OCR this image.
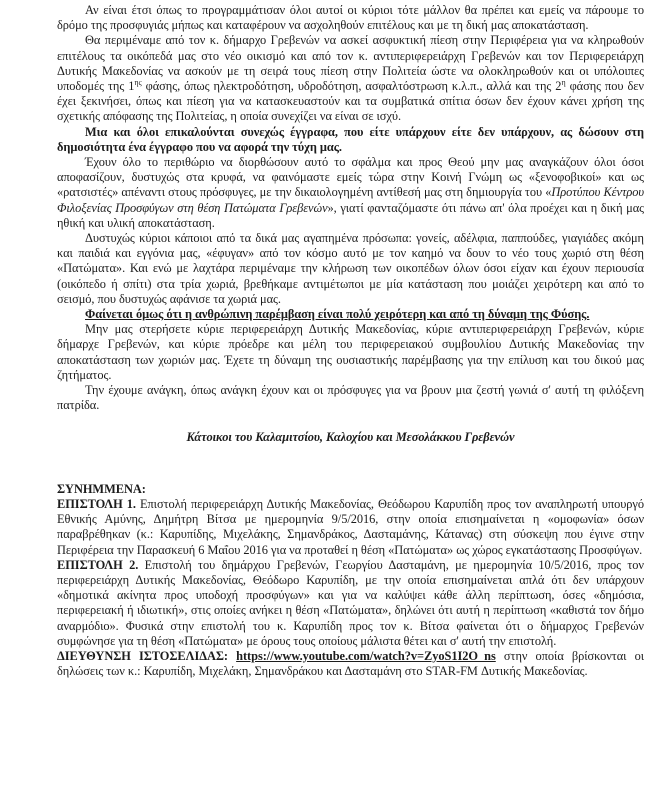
Αν είναι έτσι όπως το προγραμμάτισαν όλοι αυτοί οι κύριοι τότε μάλλον θα πρέπει και εμείς να πάρουμε το δρόμο της προσφυγιάς μήπως και καταφέρουν να ασχοληθούν επιτέλους και με τη δική μας αποκατάσταση.

Θα περιμέναμε από τον κ. δήμαρχο Γρεβενών να ασκεί ασφυκτική πίεση στην Περιφέρεια για να κληρωθούν επιτέλους τα οικόπεδά μας στο νέο οικισμό και από τον κ. αντιπεριφερειάρχη Γρεβενών και τον Περιφερειάρχη Δυτικής Μακεδονίας να ασκούν με τη σειρά τους πίεση στην Πολιτεία ώστε να ολοκληρωθούν και οι υπόλοιπες υποδομές της $1^{\eta\varsigma}$ φάσης, όπως ηλεκτροδότηση, υδροδότηση, ασφαλτόστρωση κ.λ.π., αλλά και της $2^\eta$ φάσης που δεν έχει ξεκινήσει, όπως και πίεση για να κατασκευαστούν και τα συμβατικά σπίτια όσων δεν έχουν κάνει χρήση της σχετικής απόφασης της Πολιτείας, η οποία συνεχίζει να είναι σε ισχύ.

Μια και όλοι επικαλούνται συνεχώς έγγραφα, που είτε υπάρχουν είτε δεν υπάρχουν, ας δώσουν στη δημοσιότητα ένα έγγραφο που να αφορά την τύχη μας.

Έχουν όλο το περιθώριο να διορθώσουν αυτό το σφάλμα και προς Θεού μην μας αναγκάζουν όλοι όσοι αποφασίζουν, δυστυχώς στα κρυφά, να φαινόμαστε εμείς τώρα στην Κοινή Γνώμη ως «ξενοφοβικοί» και ως «ρατσιστές» απέναντι στους πρόσφυγες, με την δικαιολογημένη αντίθεσή μας στη δημιουργία του «Προτύπου Κέντρου Φιλοξενίας Προσφύγων στη θέση Πατώματα Γρεβενών», γιατί φανταζόμαστε ότι πάνω απ' όλα προέχει και η δική μας ηθική και υλική αποκατάσταση.

Δυστυχώς κύριοι κάποιοι από τα δικά μας αγαπημένα πρόσωπα: γονείς, αδέλφια, παππούδες, γιαγιάδες ακόμη και παιδιά και εγγόνια μας, «έφυγαν» από τον κόσμο αυτό με τον καημό να δουν το νέο τους χωριό στη θέση «Πατώματα». Και ενώ με λαχτάρα περιμέναμε την κλήρωση των οικοπέδων όλων όσοι είχαν και έχουν περιουσία (οικόπεδο ή σπίτι) στα τρία χωριά, βρεθήκαμε αντιμέτωποι με μία κατάσταση που μοιάζει χειρότερη και από το σεισμό, που δυστυχώς αφάνισε τα χωριά μας.

Φαίνεται όμως ότι η ανθρώπινη παρέμβαση είναι πολύ χειρότερη και από τη δύναμη της Φύσης.

Μην μας στερήσετε κύριε περιφερειάρχη Δυτικής Μακεδονίας, κύριε αντιπεριφερειάρχη Γρεβενών, κύριε δήμαρχε Γρεβενών, και κύριε πρόεδρε και μέλη του περιφερειακού συμβουλίου Δυτικής Μακεδονίας την αποκατάσταση των χωριών μας. Έχετε τη δύναμη της ουσιαστικής παρέμβασης για την επίλυση και του δικού μας ζητήματος.

Την έχουμε ανάγκη, όπως ανάγκη έχουν και οι πρόσφυγες για να βρουν μια ζεστή γωνιά σ' αυτή τη φιλόξενη πατρίδα.

Κάτοικοι του Καλαμιτσίου, Καλοχίου και Μεσολάκκου Γρεβενών

ΣΥΝΗΜΜΕΝΑ:

ΕΠΙΣΤΟΛΗ 1. Επιστολή περιφερειάρχη Δυτικής Μακεδονίας, Θεόδωρου Καρυπίδη προς τον αναπληρωτή υπουργό Εθνικής Αμύνης, Δημήτρη Βίτσα με ημερομηνία 9/5/2016, στην οποία επισημαίνεται η «ομοφωνία» όσων παραβρέθηκαν (κ.: Καρυπίδης, Μιχελάκης, Σημανδράκος, Δασταμάνης, Κάτανας) στη σύσκεψη που έγινε στην Περιφέρεια την Παρασκευή 6 Μαΐου 2016 για να προταθεί η θέση «Πατώματα» ως χώρος εγκατάστασης Προσφύγων.

ΕΠΙΣΤΟΛΗ 2. Επιστολή του δημάρχου Γρεβενών, Γεωργίου Δασταμάνη, με ημερομηνία 10/5/2016, προς τον περιφερειάρχη Δυτικής Μακεδονίας, Θεόδωρο Καρυπίδη, με την οποία επισημαίνεται απλά ότι δεν υπάρχουν «δημοτικά ακίνητα προς υποδοχή προσφύγων» και για να καλύψει κάθε άλλη περίπτωση, όσες «δημόσια, περιφερειακή ή ιδιωτική», στις οποίες ανήκει η θέση «Πατώματα», δηλώνει ότι αυτή η περίπτωση «καθιστά τον δήμο αναρμόδιο». Φυσικά στην επιστολή του κ. Καρυπίδη προς τον κ. Βίτσα φαίνεται ότι ο δήμαρχος Γρεβενών συμφώνησε για τη θέση «Πατώματα» με όρους τους οποίους μάλιστα θέτει και σ' αυτή την επιστολή.

ΔΙΕΥΘΥΝΣΗ ΙΣΤΟΣΕΛΙΔΑΣ: https://www.youtube.com/watch?v=ZyoS1I2O_ns στην οποία βρίσκονται οι δηλώσεις των κ.: Καρυπίδη, Μιχελάκη, Σημανδράκου και Δασταμάνη στο STAR-FM Δυτικής Μακεδονίας.
